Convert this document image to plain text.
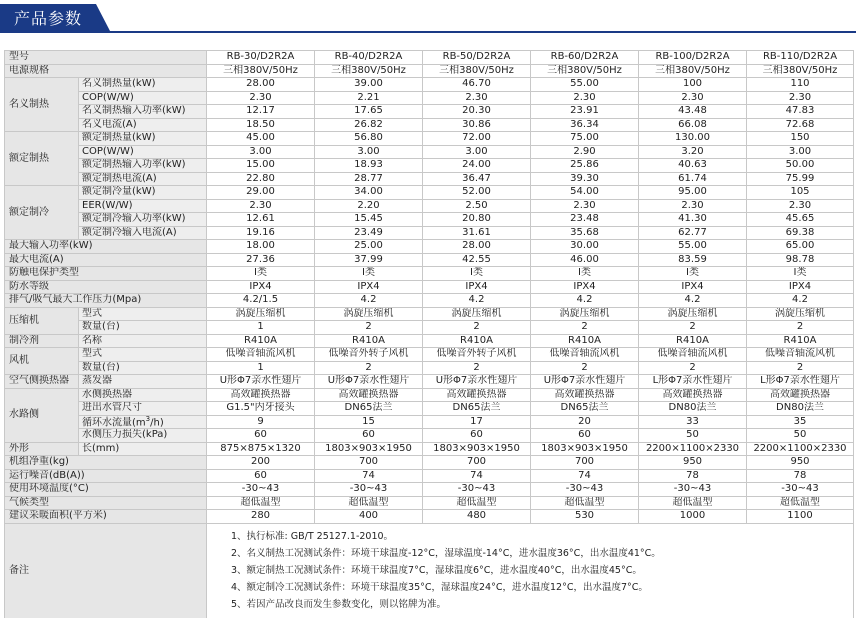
产品参数
型号		RB-30/D2R2A	RB-40/D2R2A	RB-50/D2R2A	RB-60/D2R2A	RB-100/D2R2A	RB-110/D2R2A
电源规格		三相380V/50Hz	三相380V/50Hz	三相380V/50Hz	三相380V/50Hz	三相380V/50Hz	三相380V/50Hz
名义制热	名义制热量(kW)	28.00	39.00	46.70	55.00	100	110
	COP(W/W)	2.30	2.21	2.30	2.30	2.30	2.30
	名义制热输入功率(kW)	12.17	17.65	20.30	23.91	43.48	47.83
	名义电流(A)	18.50	26.82	30.86	36.34	66.08	72.68
额定制热	额定制热量(kW)	45.00	56.80	72.00	75.00	130.00	150
	COP(W/W)	3.00	3.00	3.00	2.90	3.20	3.00
	额定制热输入功率(kW)	15.00	18.93	24.00	25.86	40.63	50.00
	额定制热电流(A)	22.80	28.77	36.47	39.30	61.74	75.99
额定制冷	额定制冷量(kW)	29.00	34.00	52.00	54.00	95.00	105
	EER(W/W)	2.30	2.20	2.50	2.30	2.30	2.30
	额定制冷输入功率(kW)	12.61	15.45	20.80	23.48	41.30	45.65
	额定制冷输入电流(A)	19.16	23.49	31.61	35.68	62.77	69.38
最大输入功率(kW)		18.00	25.00	28.00	30.00	55.00	65.00
最大电流(A)		27.36	37.99	42.55	46.00	83.59	98.78
防触电保护类型		I类	I类	I类	I类	I类	I类
防水等级		IPX4	IPX4	IPX4	IPX4	IPX4	IPX4
排气/吸气最大工作压力(Mpa)		4.2/1.5	4.2	4.2	4.2	4.2	4.2
压缩机	型式	涡旋压缩机	涡旋压缩机	涡旋压缩机	涡旋压缩机	涡旋压缩机	涡旋压缩机
	数量(台)	1	2	2	2	2	2
制冷剂	名称	R410A	R410A	R410A	R410A	R410A	R410A
风机	型式	低噪音轴流风机	低噪音外转子风机	低噪音外转子风机	低噪音轴流风机	低噪音轴流风机	低噪音轴流风机
	数量(台)	1	2	2	2	2	2
空气侧换热器	蒸发器	U形Φ7亲水性翅片	U形Φ7亲水性翅片	U形Φ7亲水性翅片	U形Φ7亲水性翅片	L形Φ7亲水性翅片	L形Φ7亲水性翅片
水路侧	水侧换热器	高效罐换热器	高效罐换热器	高效罐换热器	高效罐换热器	高效罐换热器	高效罐换热器
	进出水管尺寸	G1.5"内牙接头	DN65法兰	DN65法兰	DN65法兰	DN80法兰	DN80法兰
	循环水流量$(m^3/h)$	9	15	17	20	33	35
	水侧压力损失(kPa)	60	60	60	60	50	50
外形	长(mm)	875×875×1320	1803×903×1950	1803×903×1950	1803×903×1950	2200×1100×2330	2200×1100×2330
机组净重(kg)		200	700	700	700	950	950
运行噪音(dB(A))		60	74	74	74	78	78
使用环境温度(°C)		-30~43	-30~43	-30~43	-30~43	-30~43	-30~43
气候类型		超低温型	超低温型	超低温型	超低温型	超低温型	超低温型
建议采暖面积(平方米)		280	400	480	530	1000	1100
备注		1、执行标准: GB/T 25127.1-2010。
2、名义制热工况测试条件：环境干球温度-12°C，湿球温度-14°C，进水温度36°C，出水温度41°C。
3、额定制热工况测试条件：环境干球温度7°C，湿球温度6°C，进水温度40°C，出水温度45°C。
4、额定制冷工况测试条件：环境干球温度35°C，湿球温度24°C，进水温度12°C，出水温度7°C。
5、若因产品改良而发生参数变化，则以铭牌为准。					
